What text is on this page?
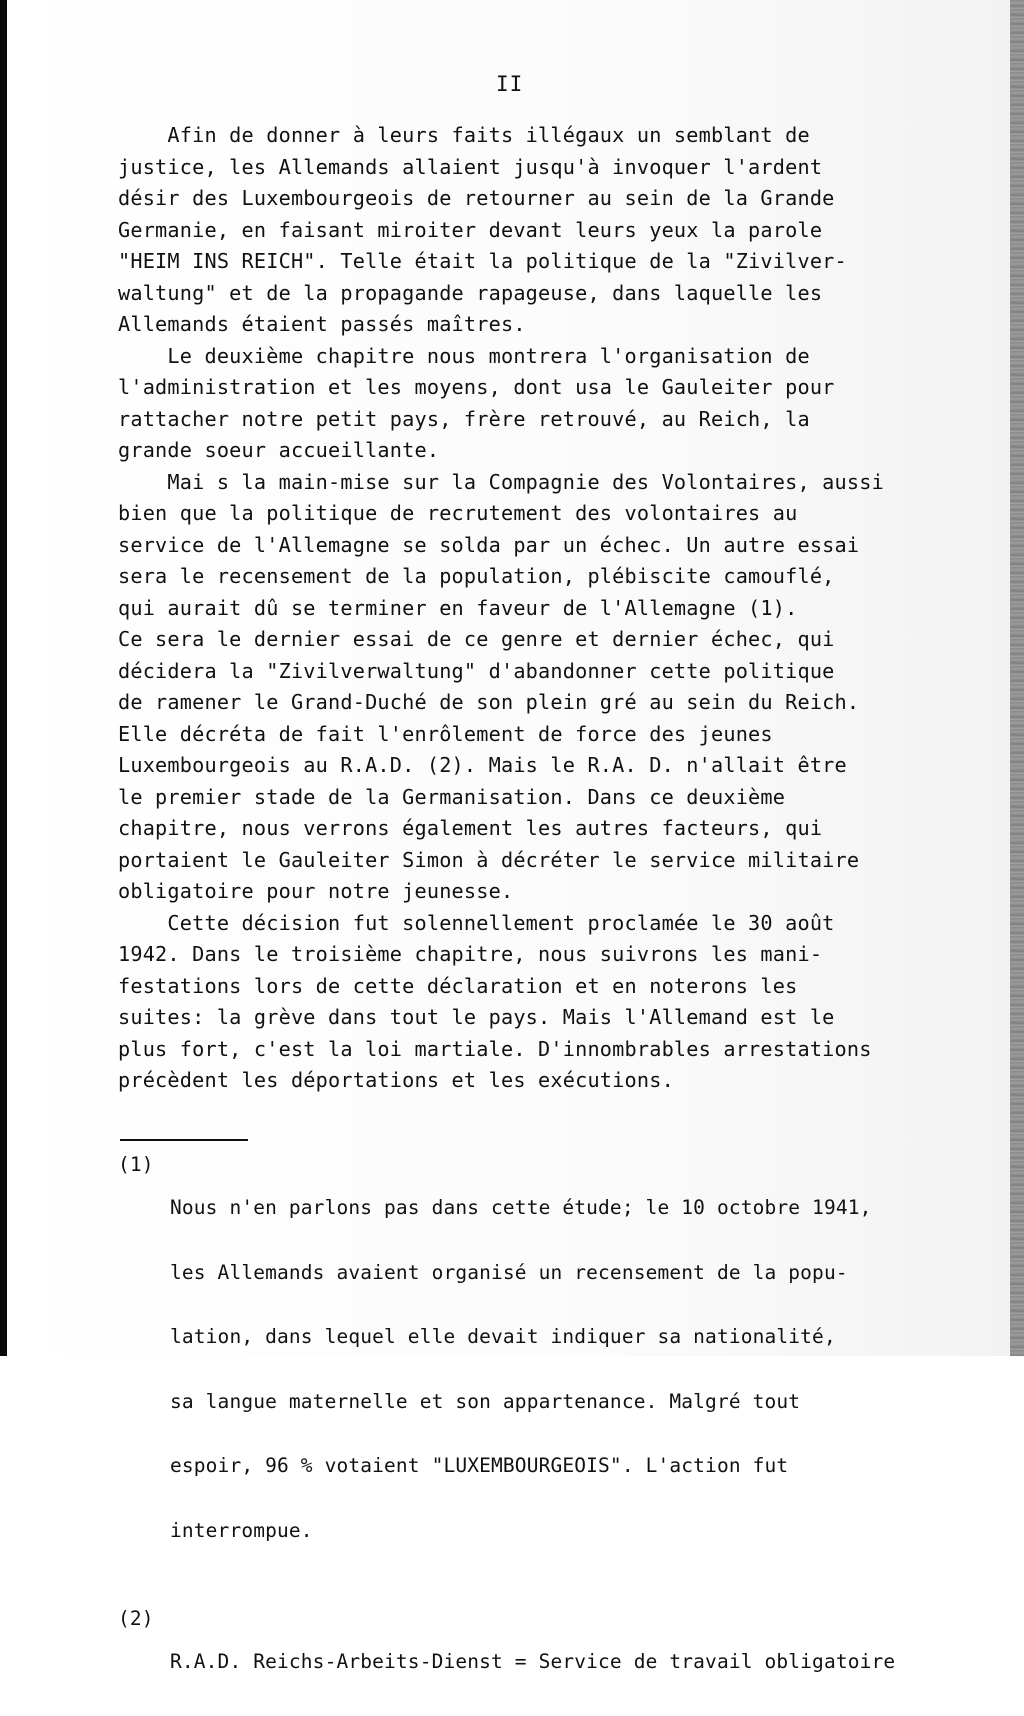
II

Afin de donner à leurs faits illégaux un semblant de

justice, les Allemands allaient jusqu'à invoquer l'ardent

désir des Luxembourgeois de retourner au sein de la Grande

Germanie, en faisant miroiter devant leurs yeux la parole

"HEIM INS REICH". Telle était la politique de la "Zivilver-

waltung" et de la propagande rapageuse, dans laquelle les

Allemands étaient passés maîtres.

Le deuxième chapitre nous montrera l'organisation de

l'administration et les moyens, dont usa le Gauleiter pour

rattacher notre petit pays, frère retrouvé, au Reich, la

grande soeur accueillante.

Mai s la main-mise sur la Compagnie des Volontaires, aussi

bien que la politique de recrutement des volontaires au

service de l'Allemagne se solda par un échec. Un autre essai

sera le recensement de la population, plébiscite camouflé,

qui aurait dû se terminer en faveur de l'Allemagne (1).

Ce sera le dernier essai de ce genre et dernier échec, qui

décidera la "Zivilverwaltung" d'abandonner cette politique

de ramener le Grand-Duché de son plein gré au sein du Reich.

Elle décréta de fait l'enrôlement de force des jeunes

Luxembourgeois au R.A.D. (2). Mais le R.A. D. n'allait être

le premier stade de la Germanisation. Dans ce deuxième

chapitre, nous verrons également les autres facteurs, qui

portaient le Gauleiter Simon à décréter le service militaire

obligatoire pour notre jeunesse.

Cette décision fut solennellement proclamée le 30 août

1942. Dans le troisième chapitre, nous suivrons les mani-

festations lors de cette déclaration et en noterons les

suites: la grève dans tout le pays. Mais l'Allemand est le

plus fort, c'est la loi martiale. D'innombrables arrestations

précèdent les déportations et les exécutions.

(1)

Nous n'en parlons pas dans cette étude; le 10 octobre 1941,

les Allemands avaient organisé un recensement de la popu-

lation, dans lequel elle devait indiquer sa nationalité,

sa langue maternelle et son appartenance. Malgré tout

espoir, 96 % votaient "LUXEMBOURGEOIS". L'action fut

interrompue.

(2)

R.A.D. Reichs-Arbeits-Dienst = Service de travail obligatoire
